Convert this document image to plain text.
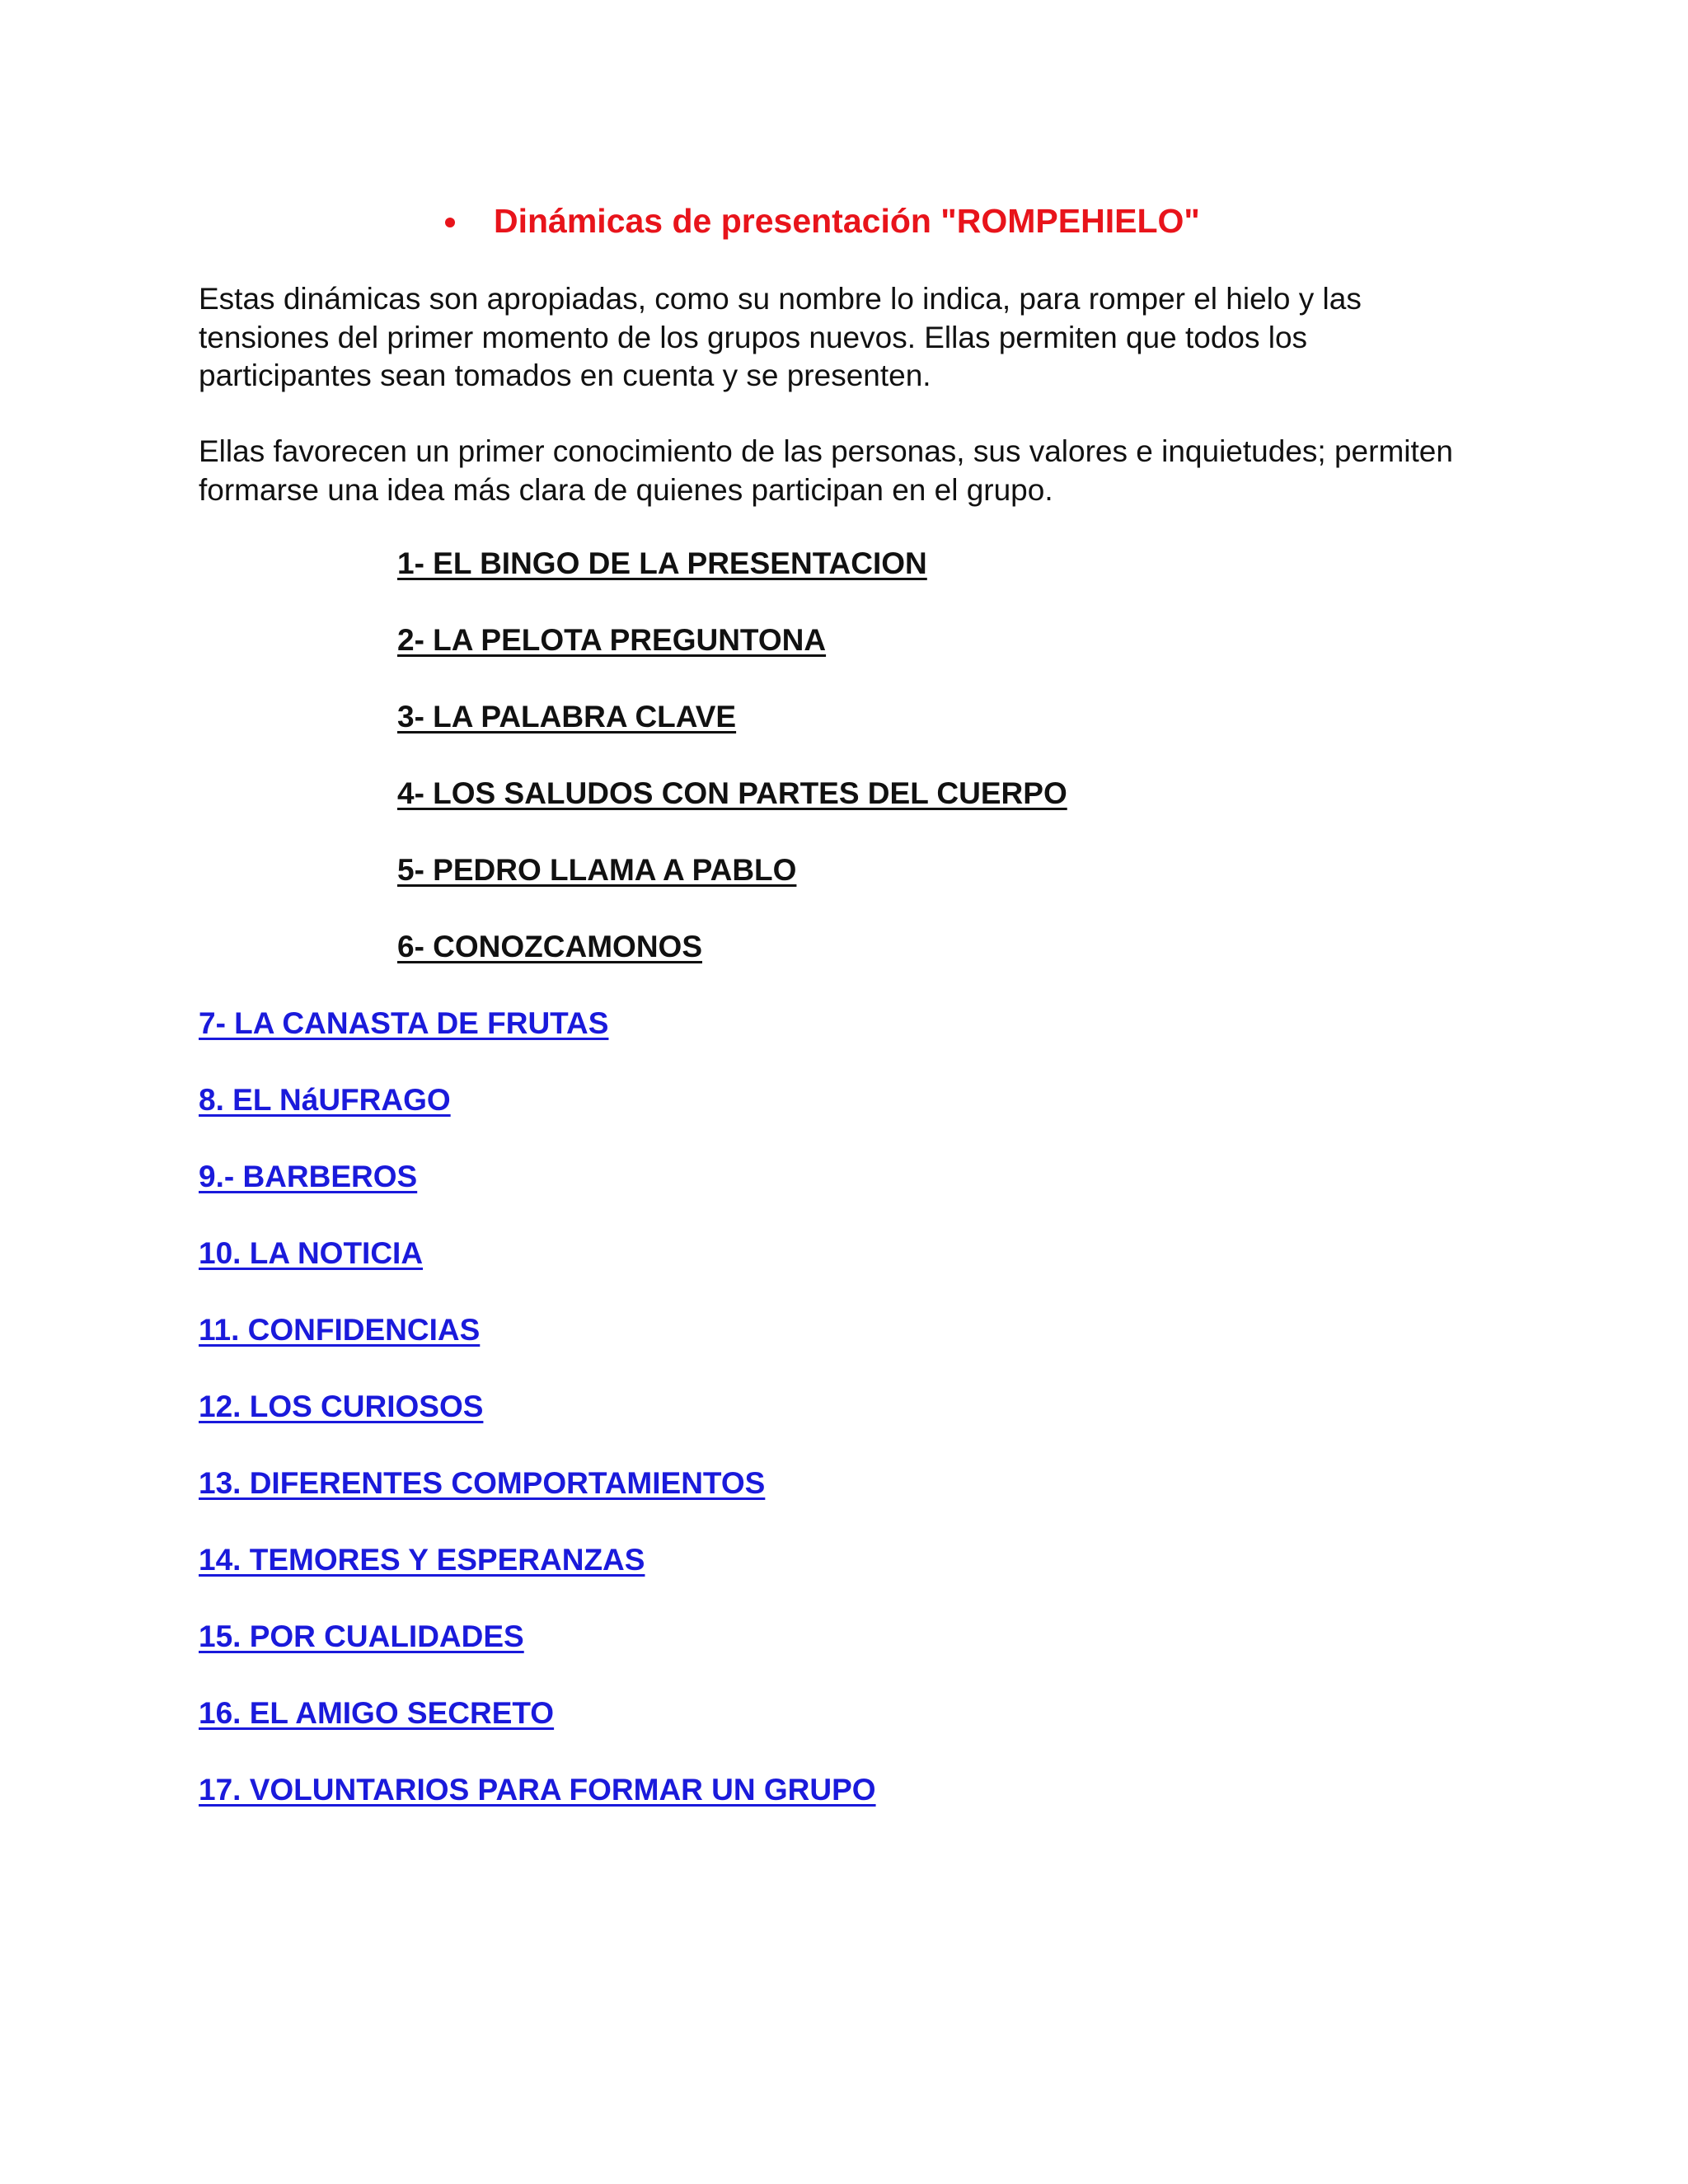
Dinámicas de presentación "ROMPEHIELO"

Estas dinámicas son apropiadas, como su nombre lo indica, para romper el hielo y las tensiones del primer momento de los grupos nuevos. Ellas permiten que todos los participantes sean tomados en cuenta y se presenten.

Ellas favorecen un primer conocimiento de las personas, sus valores e inquietudes; permiten formarse una idea más clara de quienes participan en el grupo.

1- EL BINGO DE LA PRESENTACION
2- LA PELOTA PREGUNTONA
3- LA PALABRA CLAVE
4- LOS SALUDOS CON PARTES DEL CUERPO
5- PEDRO LLAMA A PABLO
6- CONOZCAMONOS
7- LA CANASTA DE FRUTAS
8. EL NáUFRAGO
9.- BARBEROS
10. LA NOTICIA
11. CONFIDENCIAS
12. LOS CURIOSOS
13. DIFERENTES COMPORTAMIENTOS
14. TEMORES Y ESPERANZAS
15. POR CUALIDADES
16. EL AMIGO SECRETO
17. VOLUNTARIOS PARA FORMAR UN GRUPO
